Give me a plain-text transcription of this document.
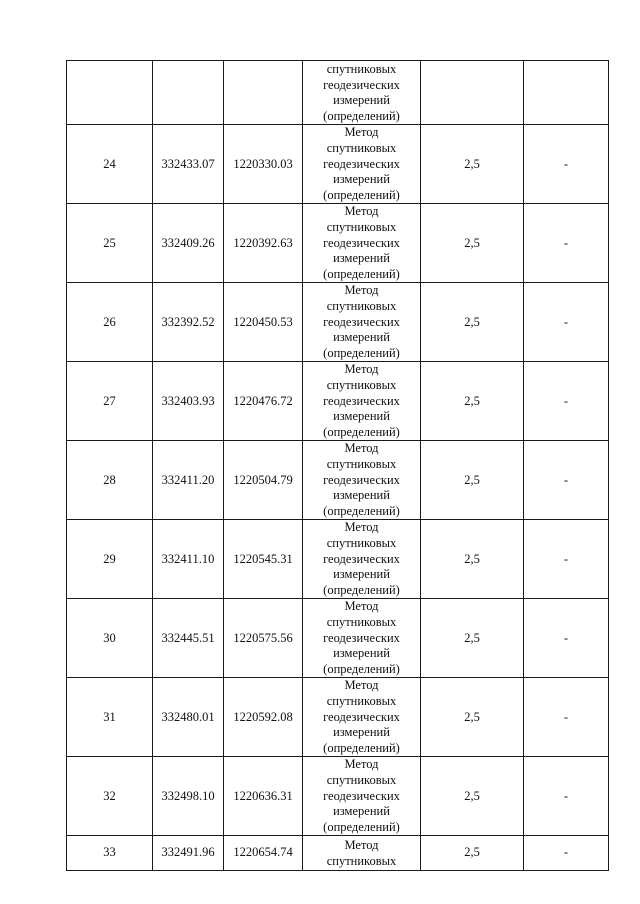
			спутниковых
геодезических
измерений
(определений)		

24	332433.07	1220330.03	Метод
спутниковых
геодезических
измерений
(определений)	2,5	-
25	332409.26	1220392.63	Метод
спутниковых
геодезических
измерений
(определений)	2,5	-
26	332392.52	1220450.53	Метод
спутниковых
геодезических
измерений
(определений)	2,5	-
27	332403.93	1220476.72	Метод
спутниковых
геодезических
измерений
(определений)	2,5	-
28	332411.20	1220504.79	Метод
спутниковых
геодезических
измерений
(определений)	2,5	-
29	332411.10	1220545.31	Метод
спутниковых
геодезических
измерений
(определений)	2,5	-
30	332445.51	1220575.56	Метод
спутниковых
геодезических
измерений
(определений)	2,5	-
31	332480.01	1220592.08	Метод
спутниковых
геодезических
измерений
(определений)	2,5	-
32	332498.10	1220636.31	Метод
спутниковых
геодезических
измерений
(определений)	2,5	-
33	332491.96	1220654.74	Метод
спутниковых	2,5	-
